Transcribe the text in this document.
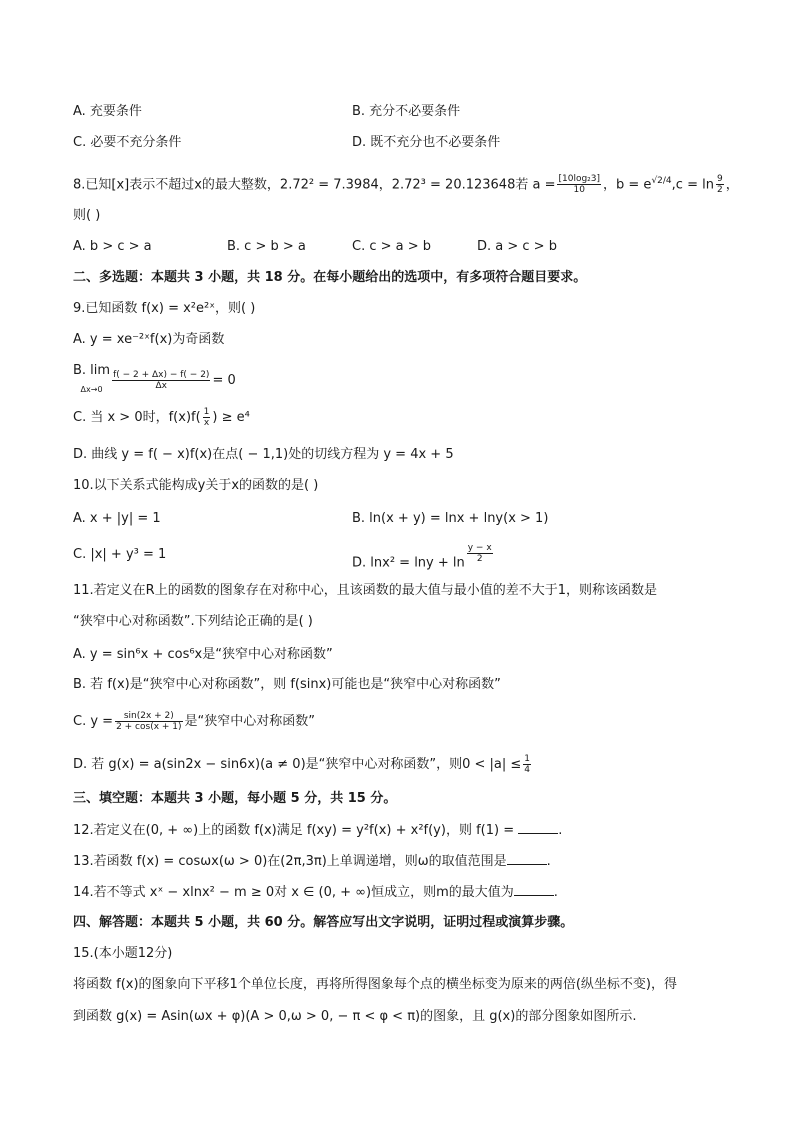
A. 充要条件	B. 充分不必要条件
C. 必要不充分条件	D. 既不充分也不必要条件
8.已知[x]表示不超过x的最大整数，2.72² = 7.3984，2.72³ = 20.123648若 $a = \frac{\text{[10log₂3]}}{10}$ ，$b = e^{√2/4},c = \ln \frac{9}{2}$ ，
则( )
A. b > c > a	B. c > b > a	C. c > a > b	D. a > c > b
二、多选题：本题共 3 小题，共 18 分。在每小题给出的选项中，有多项符合题目要求。
9.已知函数 f(x) = x²e²ˣ，则( )
A. y = xe⁻²ˣf(x)为奇函数
B. lim
$\Delta x\to 0 \frac{f( - 2 + \Delta x) - f( - 2)}{\Delta x} = 0$
C. 当 x > 0时，$f(x)f( \frac{1}{x}$ ) ≥ e⁴
D. 曲线 y = f( − x)f(x)在点( − 1,1)处的切线方程为 y = 4x + 5
10.以下关系式能构成y关于x的函数的是( )
A. x + |y| = 1	B. ln(x + y) = lnx + lny(x > 1)
C. |x| + y³ = 1
D. $\ln x^2 = \ln y + \ln \frac{y - x}{2}$
11.若定义在R上的函数的图象存在对称中心，且该函数的最大值与最小值的差不大于1，则称该函数是
“狭窄中心对称函数”.下列结论正确的是( )
A. y = sin⁶x + cos⁶x是“狭窄中心对称函数”
B. 若 f(x)是“狭窄中心对称函数”，则 f(sinx)可能也是“狭窄中心对称函数”
C. $y = \frac{\sin(2x + 2)}{2 + \cos(x + 1)}$ 是“狭窄中心对称函数”
D. 若 g(x) = a(sin2x − sin6x)(a ≠ 0)是“狭窄中心对称函数”，则$0 < |a| \le \frac{1}{4}$
三、填空题：本题共 3 小题，每小题 5 分，共 15 分。
12.若定义在(0, + ∞)上的函数 f(x)满足 f(xy) = y²f(x) + x²f(y)，则 f(1) =	.
13.若函数 f(x) = cosωx(ω > 0)在(2π,3π)上单调递增，则ω的取值范围是	.
14.若不等式 xˣ − xlnx² − m ≥ 0对 x ∈ (0, + ∞)恒成立，则m的最大值为	.
四、解答题：本题共 5 小题，共 60 分。解答应写出文字说明，证明过程或演算步骤。
15.(本小题12分)
将函数 f(x)的图象向下平移1个单位长度，再将所得图象每个点的横坐标变为原来的两倍(纵坐标不变)，得
到函数 g(x) = Asin(ωx + φ)(A > 0,ω > 0, − π < φ < π)的图象，且 g(x)的部分图象如图所示.
